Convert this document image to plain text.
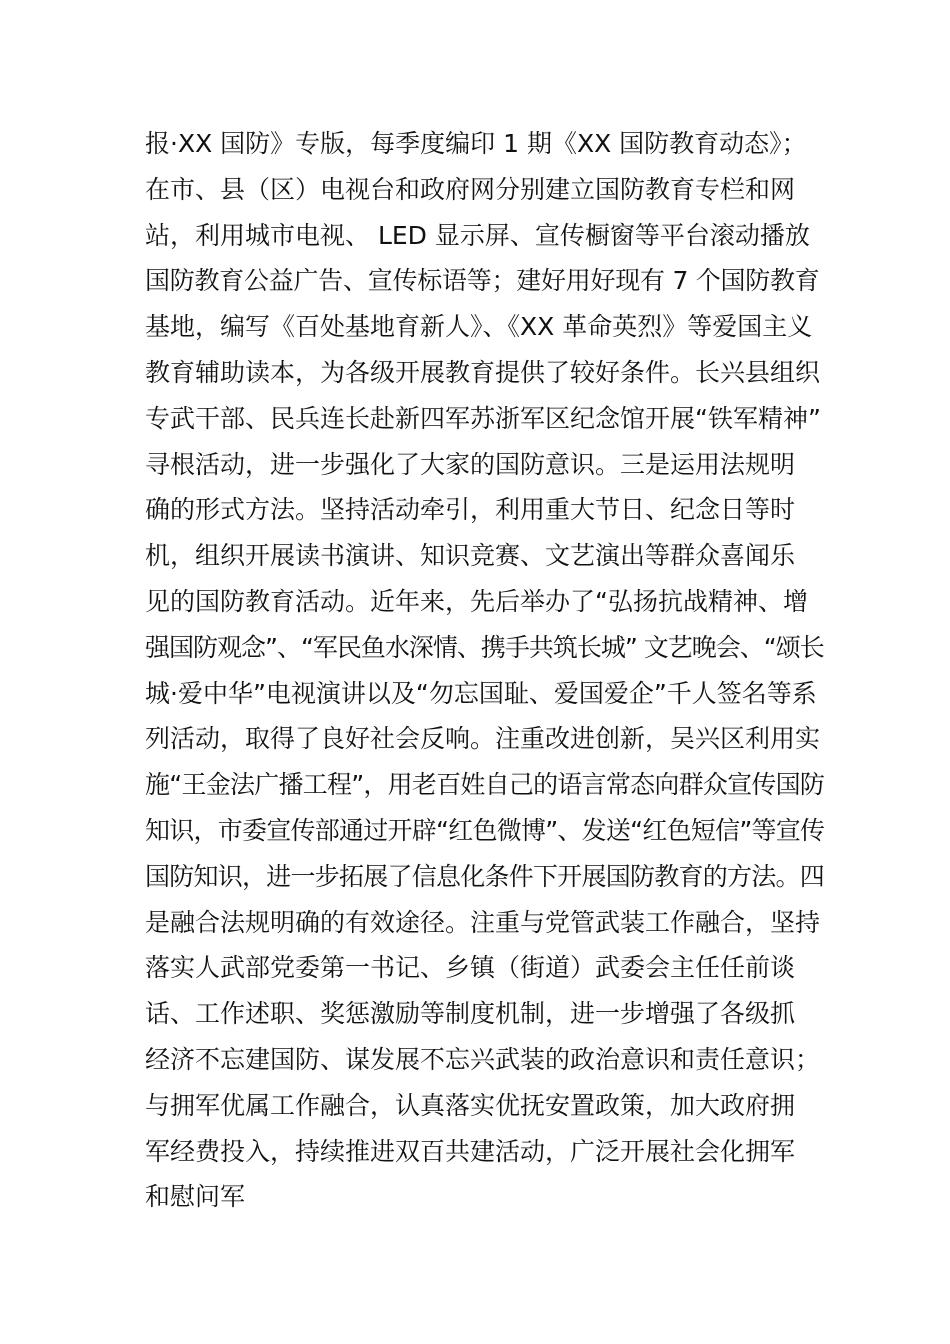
报·XX 国防》专版，每季度编印 1 期《XX 国防教育动态》；
在市、县（区）电视台和政府网分别建立国防教育专栏和网
站，利用城市电视、 LED 显示屏、宣传橱窗等平台滚动播放
国防教育公益广告、宣传标语等；建好用好现有 7 个国防教育
基地，编写《百处基地育新人》、《XX 革命英烈》等爱国主义
教育辅助读本，为各级开展教育提供了较好条件。长兴县组织
专武干部、民兵连长赴新四军苏浙军区纪念馆开展“铁军精神”
寻根活动，进一步强化了大家的国防意识。三是运用法规明
确的形式方法。坚持活动牵引，利用重大节日、纪念日等时
机，组织开展读书演讲、知识竞赛、文艺演出等群众喜闻乐
见的国防教育活动。近年来，先后举办了“弘扬抗战精神、增
强国防观念”、“军民鱼水深情、携手共筑长城” 文艺晚会、“颂长
城·爱中华”电视演讲以及“勿忘国耻、爱国爱企”千人签名等系
列活动，取得了良好社会反响。注重改进创新，吴兴区利用实
施“王金法广播工程”，用老百姓自己的语言常态向群众宣传国防
知识，市委宣传部通过开辟“红色微博”、发送“红色短信”等宣传
国防知识，进一步拓展了信息化条件下开展国防教育的方法。四
是融合法规明确的有效途径。注重与党管武装工作融合，坚持
落实人武部党委第一书记、乡镇（街道）武委会主任任前谈
话、工作述职、奖惩激励等制度机制，进一步增强了各级抓
经济不忘建国防、谋发展不忘兴武装的政治意识和责任意识；
与拥军优属工作融合，认真落实优抚安置政策，加大政府拥
军经费投入，持续推进双百共建活动，广泛开展社会化拥军
和慰问军
